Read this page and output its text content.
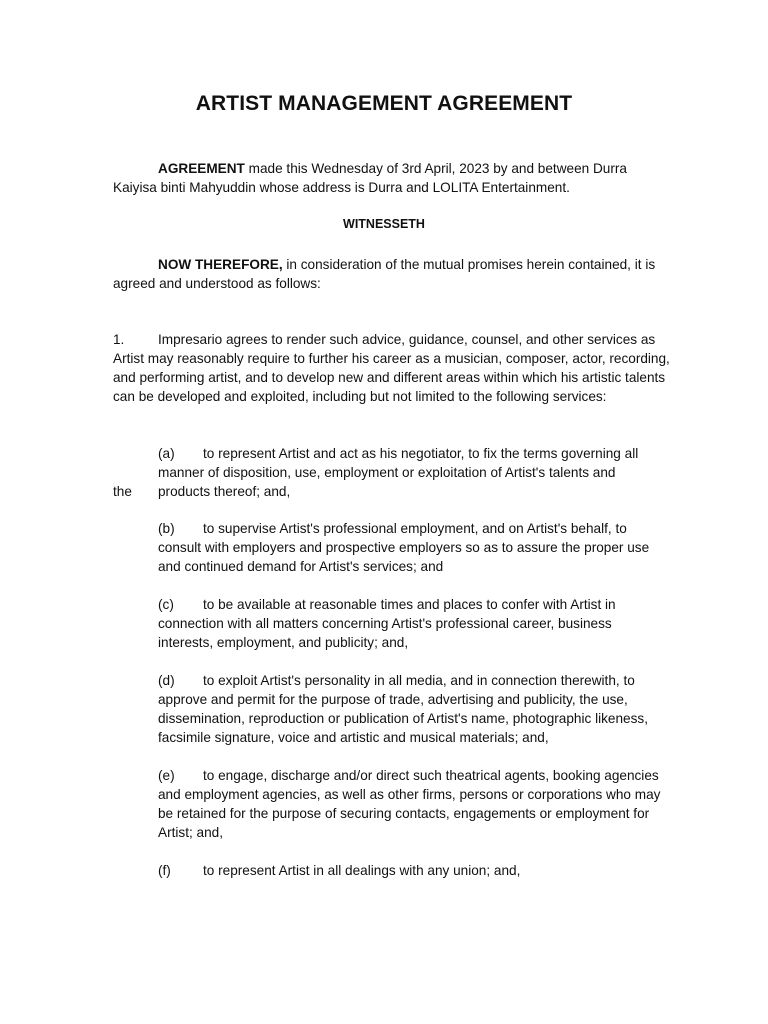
ARTIST MANAGEMENT AGREEMENT

AGREEMENT made this Wednesday of 3rd April, 2023 by and between Durra Kaiyisa binti Mahyuddin whose address is Durra and LOLITA Entertainment.

WITNESSETH

NOW THEREFORE, in consideration of the mutual promises herein contained, it is agreed and understood as follows:

1. Impresario agrees to render such advice, guidance, counsel, and other services as

Artist may reasonably require to further his career as a musician, composer, actor, recording, and performing artist, and to develop new and different areas within which his artistic talents can be developed and exploited, including but not limited to the following services:

(a) to represent Artist and act as his negotiator, to fix the terms governing all manner of disposition, use, employment or exploitation of Artist's talents and products thereof; and,

the

(b) to supervise Artist's professional employment, and on Artist's behalf, to consult with employers and prospective employers so as to assure the proper use and continued demand for Artist's services; and

(c) to be available at reasonable times and places to confer with Artist in connection with all matters concerning Artist's professional career, business interests, employment, and publicity; and,

(d) to exploit Artist's personality in all media, and in connection therewith, to approve and permit for the purpose of trade, advertising and publicity, the use, dissemination, reproduction or publication of Artist's name, photographic likeness, facsimile signature, voice and artistic and musical materials; and,

(e) to engage, discharge and/or direct such theatrical agents, booking agencies and employment agencies, as well as other firms, persons or corporations who may be retained for the purpose of securing contacts, engagements or employment for Artist; and,

(f) to represent Artist in all dealings with any union; and,
